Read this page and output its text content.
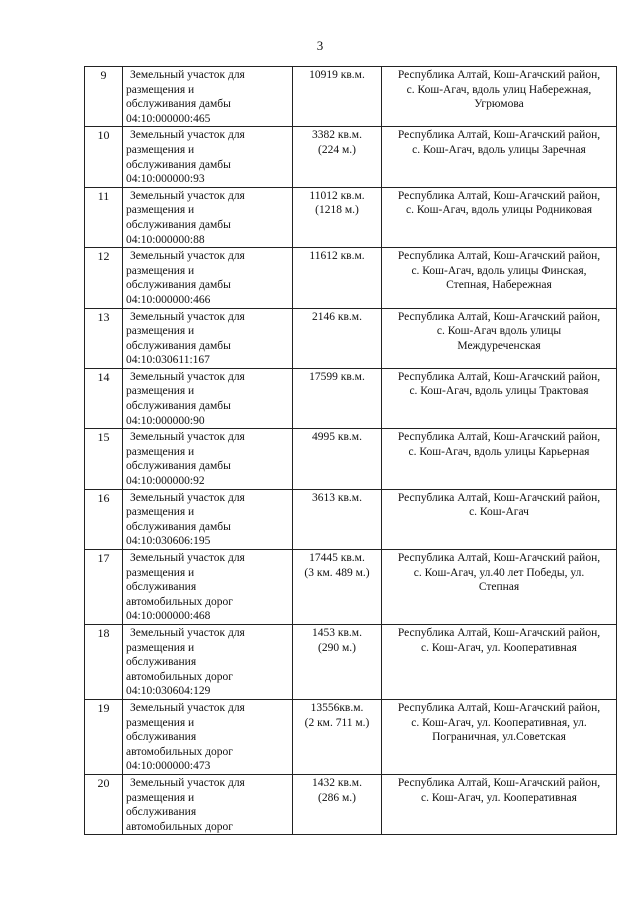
3
9	Земельный участок для
размещения и
обслуживания дамбы
04:10:000000:465	10919 кв.м.	Республика Алтай, Кош-Агачский район,
с. Кош-Агач, вдоль улиц Набережная,
Угрюмова

10	Земельный участок для
размещения и
обслуживания дамбы
04:10:000000:93	3382 кв.м.
(224 м.)	Республика Алтай, Кош-Агачский район,
с. Кош-Агач, вдоль улицы Заречная

11	Земельный участок для
размещения и
обслуживания дамбы
04:10:000000:88	11012 кв.м.
(1218 м.)	Республика Алтай, Кош-Агачский район,
с. Кош-Агач, вдоль улицы Родниковая

12	Земельный участок для
размещения и
обслуживания дамбы
04:10:000000:466	11612 кв.м.	Республика Алтай, Кош-Агачский район,
с. Кош-Агач, вдоль улицы Финская,
Степная, Набережная

13	Земельный участок для
размещения и
обслуживания дамбы
04:10:030611:167	2146 кв.м.	Республика Алтай, Кош-Агачский район,
с. Кош-Агач вдоль улицы
Междуреченская

14	Земельный участок для
размещения и
обслуживания дамбы
04:10:000000:90	17599 кв.м.	Республика Алтай, Кош-Агачский район,
с. Кош-Агач, вдоль улицы Трактовая

15	Земельный участок для
размещения и
обслуживания дамбы
04:10:000000:92	4995 кв.м.	Республика Алтай, Кош-Агачский район,
с. Кош-Агач, вдоль улицы Карьерная

16	Земельный участок для
размещения и
обслуживания дамбы
04:10:030606:195	3613 кв.м.	Республика Алтай, Кош-Агачский район,
с. Кош-Агач

17	Земельный участок для
размещения и
обслуживания
автомобильных дорог
04:10:000000:468	17445 кв.м.
(3 км. 489 м.)	Республика Алтай, Кош-Агачский район,
с. Кош-Агач, ул.40 лет Победы, ул.
Степная

18	Земельный участок для
размещения и
обслуживания
автомобильных дорог
04:10:030604:129	1453 кв.м.
(290 м.)	Республика Алтай, Кош-Агачский район,
с. Кош-Агач, ул. Кооперативная

19	Земельный участок для
размещения и
обслуживания
автомобильных дорог
04:10:000000:473	13556кв.м.
(2 км. 711 м.)	Республика Алтай, Кош-Агачский район,
с. Кош-Агач, ул. Кооперативная, ул.
Пограничная, ул.Советская

20	Земельный участок для
размещения и
обслуживания
автомобильных дорог	1432 кв.м.
(286 м.)	Республика Алтай, Кош-Агачский район,
с. Кош-Агач, ул. Кооперативная
